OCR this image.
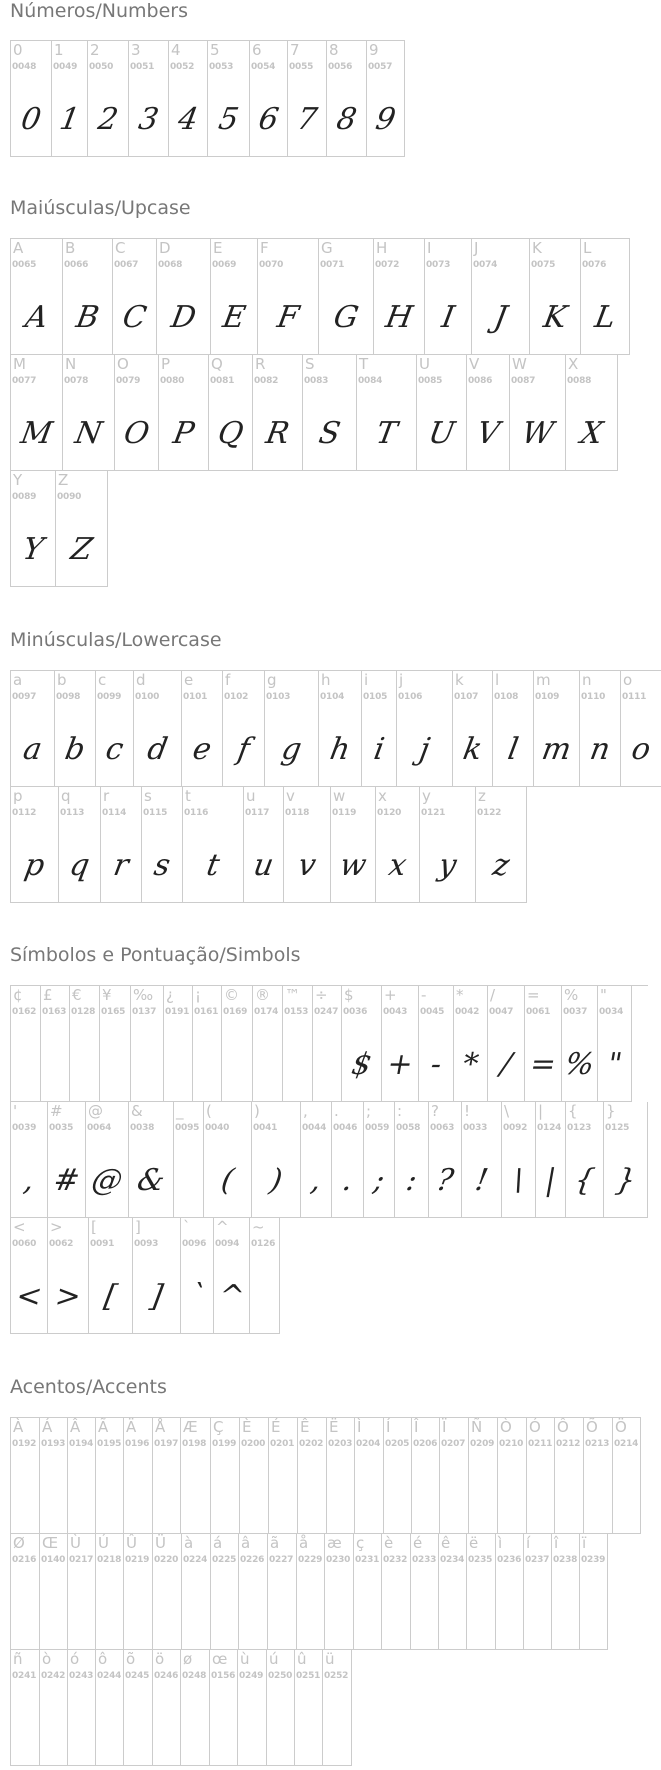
Números/Numbers
0
0048
0
1
0049
1
2
0050
2
3
0051
3
4
0052
4
5
0053
5
6
0054
6
7
0055
7
8
0056
8
9
0057
9
Maiúsculas/Upcase
A
0065
A
B
0066
B
C
0067
C
D
0068
D
E
0069
E
F
0070
F
G
0071
G
H
0072
H
I
0073
I
J
0074
J
K
0075
K
L
0076
L
M
0077
M
N
0078
N
O
0079
O
P
0080
P
Q
0081
Q
R
0082
R
S
0083
S
T
0084
T
U
0085
U
V
0086
V
W
0087
W
X
0088
X
Y
0089
Y
Z
0090
Z
Minúsculas/Lowercase
a
0097
a
b
0098
b
c
0099
c
d
0100
d
e
0101
e
f
0102
f
g
0103
g
h
0104
h
i
0105
i
j
0106
j
k
0107
k
l
0108
l
m
0109
m
n
0110
n
o
0111
o
p
0112
p
q
0113
q
r
0114
r
s
0115
s
t
0116
t
u
0117
u
v
0118
v
w
0119
w
x
0120
x
y
0121
y
z
0122
z
Símbolos e Pontuação/Simbols
¢
0162
£
0163
€
0128
¥
0165
‰
0137
¿
0191
¡
0161
©
0169
®
0174
™
0153
÷
0247
$
0036
$
+
0043
+
-
0045
-
*
0042
*
/
0047
/
=
0061
=
%
0037
%
"
0034
"
'
0039
,
#
0035
#
@
0064
@
&
0038
&
_
0095
(
0040
(
)
0041
)
,
0044
,
.
0046
.
;
0059
;
:
0058
:
?
0063
?
!
0033
!
\
0092
\
|
0124
|
{
0123
{
}
0125
}
<
0060
<
>
0062
>
[
0091
[
]
0093
]
`
0096
`
^
0094
^
~
0126
Acentos/Accents
À
0192
Á
0193
Â
0194
Ã
0195
Ä
0196
Å
0197
Æ
0198
Ç
0199
È
0200
É
0201
Ê
0202
Ë
0203
Ì
0204
Í
0205
Î
0206
Ï
0207
Ñ
0209
Ò
0210
Ó
0211
Ô
0212
Õ
0213
Ö
0214
Ø
0216
Œ
0140
Ù
0217
Ú
0218
Û
0219
Ü
0220
à
0224
á
0225
â
0226
ã
0227
å
0229
æ
0230
ç
0231
è
0232
é
0233
ê
0234
ë
0235
ì
0236
í
0237
î
0238
ï
0239
ñ
0241
ò
0242
ó
0243
ô
0244
õ
0245
ö
0246
ø
0248
œ
0156
ù
0249
ú
0250
û
0251
ü
0252
